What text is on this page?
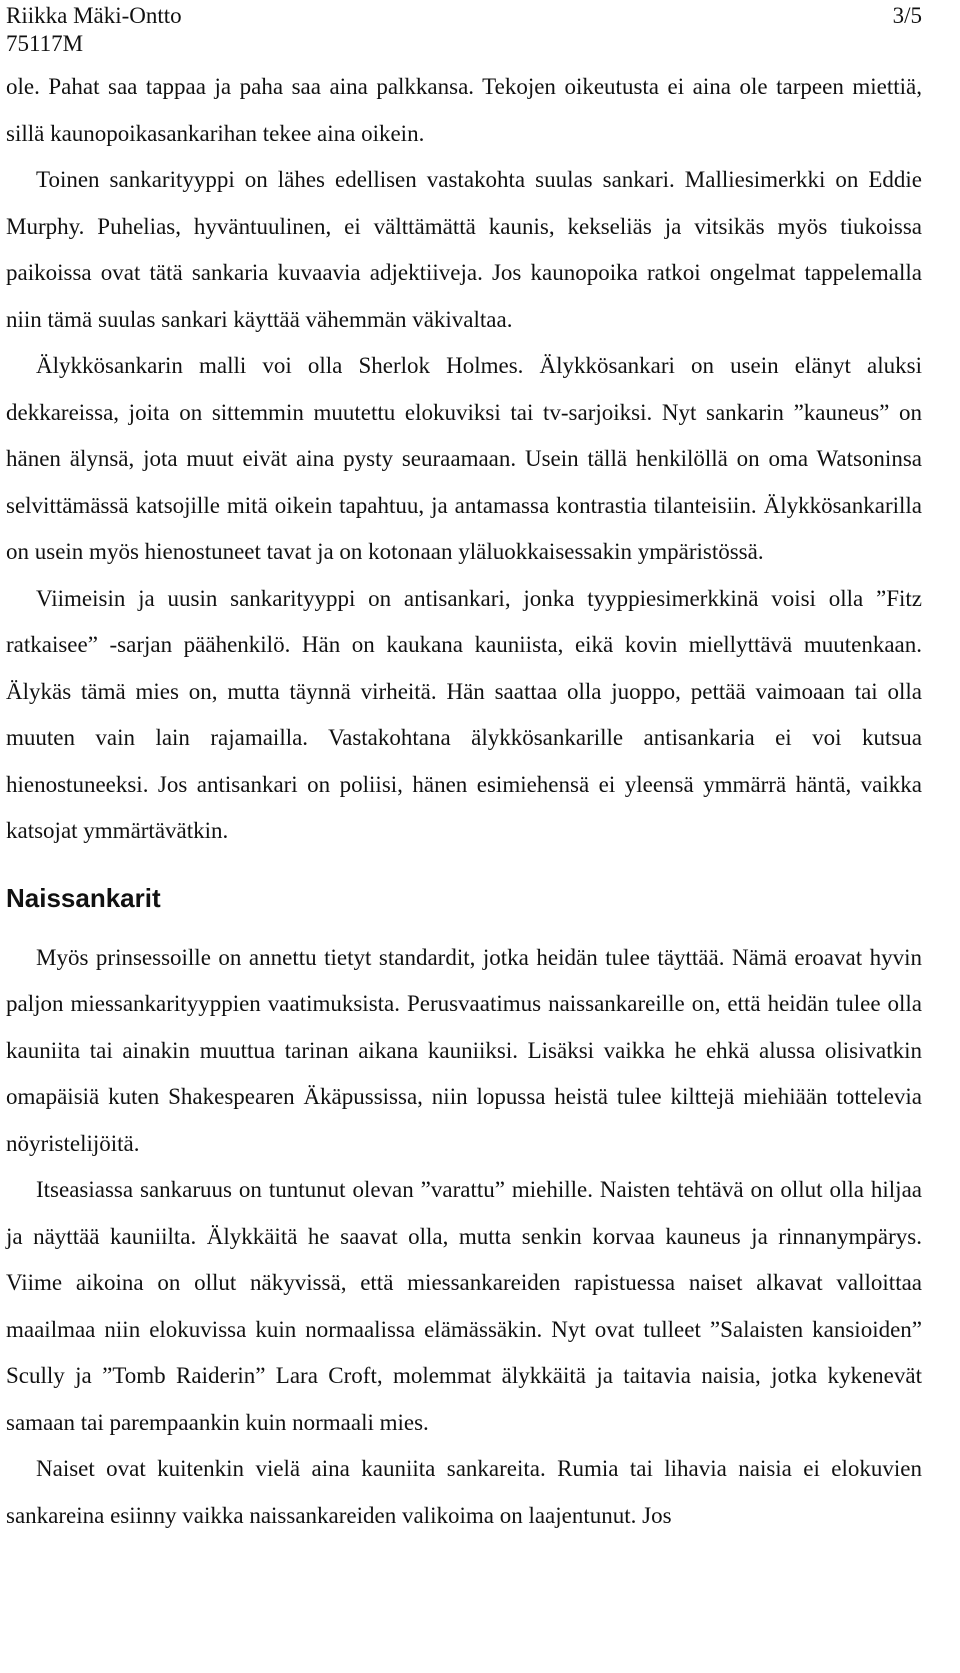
Riikka Mäki-Ontto
75117M
3/5

ole. Pahat saa tappaa ja paha saa aina palkkansa. Tekojen oikeutusta ei aina ole tarpeen miettiä, sillä kaunopoikasankarihan tekee aina oikein.

Toinen sankarityyppi on lähes edellisen vastakohta suulas sankari. Malliesimerkki on Eddie Murphy. Puhelias, hyväntuulinen, ei välttämättä kaunis, kekseliäs ja vitsikäs myös tiukoissa paikoissa ovat tätä sankaria kuvaavia adjektiiveja. Jos kaunopoika ratkoi ongelmat tappelemalla niin tämä suulas sankari käyttää vähemmän väkivaltaa.

Älykkösankarin malli voi olla Sherlok Holmes. Älykkösankari on usein elänyt aluksi dekkareissa, joita on sittemmin muutettu elokuviksi tai tv-sarjoiksi. Nyt sankarin ”kauneus” on hänen älynsä, jota muut eivät aina pysty seuraamaan. Usein tällä henkilöllä on oma Watsoninsa selvittämässä katsojille mitä oikein tapahtuu, ja antamassa kontrastia tilanteisiin. Älykkösankarilla on usein myös hienostuneet tavat ja on kotonaan yläluokkaisessakin ympäristössä.

Viimeisin ja uusin sankarityyppi on antisankari, jonka tyyppiesimerkkinä voisi olla ”Fitz ratkaisee” -sarjan päähenkilö. Hän on kaukana kauniista, eikä kovin miellyttävä muutenkaan. Älykäs tämä mies on, mutta täynnä virheitä. Hän saattaa olla juoppo, pettää vaimoaan tai olla muuten vain lain rajamailla. Vastakohtana älykkösankarille antisankaria ei voi kutsua hienostuneeksi. Jos antisankari on poliisi, hänen esimiehensä ei yleensä ymmärrä häntä, vaikka katsojat ymmärtävätkin.

Naissankarit

Myös prinsessoille on annettu tietyt standardit, jotka heidän tulee täyttää. Nämä eroavat hyvin paljon miessankarityyppien vaatimuksista. Perusvaatimus naissankareille on, että heidän tulee olla kauniita tai ainakin muuttua tarinan aikana kauniiksi. Lisäksi vaikka he ehkä alussa olisivatkin omapäisiä kuten Shakespearen Äkäpussissa, niin lopussa heistä tulee kilttejä miehiään tottelevia nöyristelijöitä.

Itseasiassa sankaruus on tuntunut olevan ”varattu” miehille. Naisten tehtävä on ollut olla hiljaa ja näyttää kauniilta. Älykkäitä he saavat olla, mutta senkin korvaa kauneus ja rinnanympärys. Viime aikoina on ollut näkyvissä, että miessankareiden rapistuessa naiset alkavat valloittaa maailmaa niin elokuvissa kuin normaalissa elämässäkin. Nyt ovat tulleet ”Salaisten kansioiden” Scully ja ”Tomb Raiderin” Lara Croft, molemmat älykkäitä ja taitavia naisia, jotka kykenevät samaan tai parempaankin kuin normaali mies.

Naiset ovat kuitenkin vielä aina kauniita sankareita. Rumia tai lihavia naisia ei elokuvien sankareina esiinny vaikka naissankareiden valikoima on laajentunut. Jos
